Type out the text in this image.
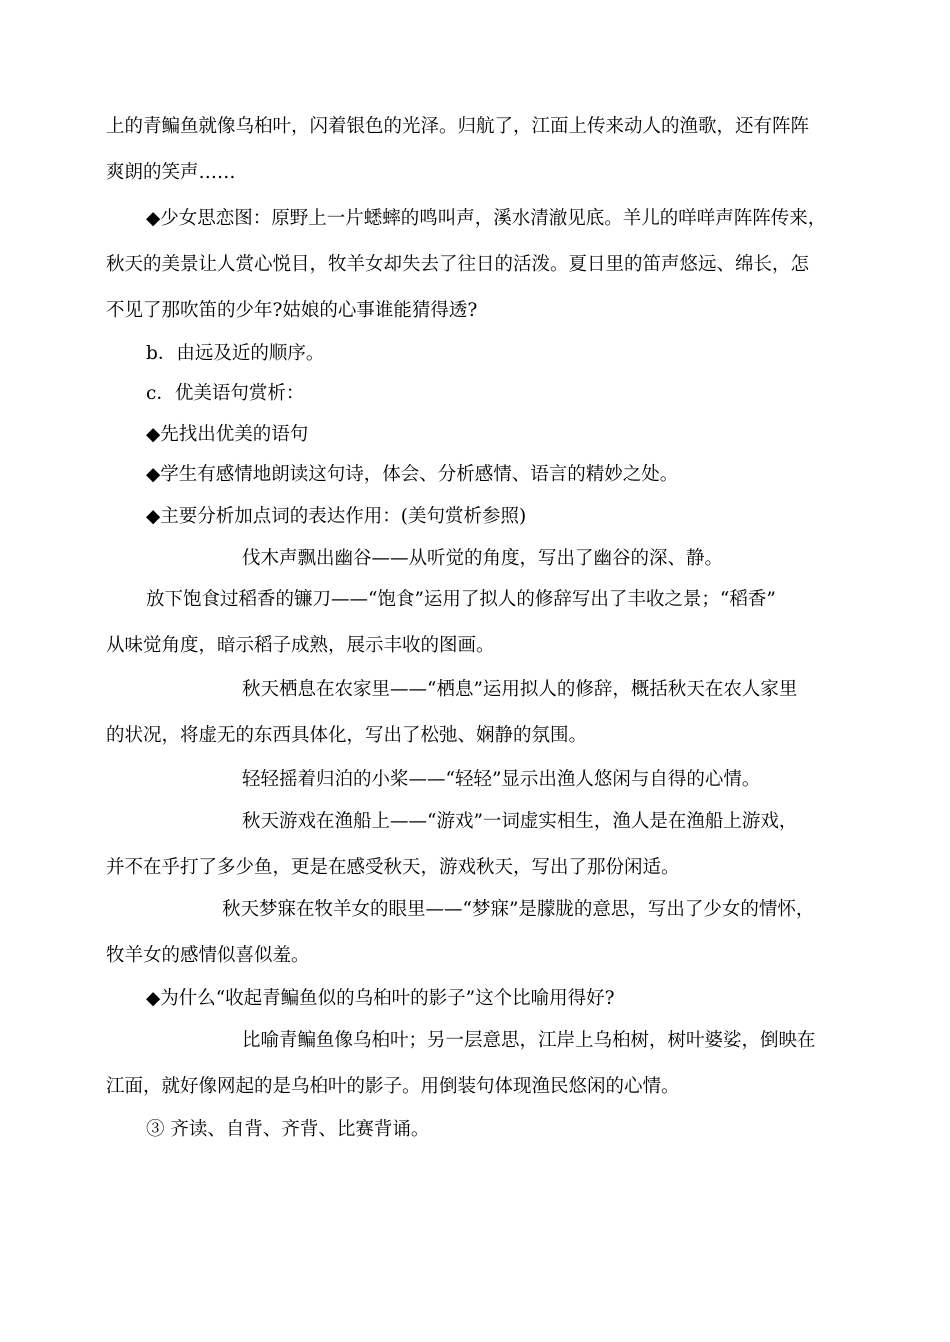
上的青鳊鱼就像乌桕叶，闪着银色的光泽。归航了，江面上传来动人的渔歌，还有阵阵
爽朗的笑声……
◆少女思恋图：原野上一片蟋蟀的鸣叫声，溪水清澈见底。羊儿的咩咩声阵阵传来，
秋天的美景让人赏心悦目，牧羊女却失去了往日的活泼。夏日里的笛声悠远、绵长，怎
不见了那吹笛的少年?姑娘的心事谁能猜得透?
b．由远及近的顺序。
c．优美语句赏析：
◆先找出优美的语句
◆学生有感情地朗读这句诗，体会、分析感情、语言的精妙之处。
◆主要分析加点词的表达作用：(美句赏析参照)
伐木声飘出幽谷——从听觉的角度，写出了幽谷的深、静。
放下饱食过稻香的镰刀——“饱食”运用了拟人的修辞写出了丰收之景；“稻香”
从味觉角度，暗示稻子成熟，展示丰收的图画。
秋天栖息在农家里——“栖息”运用拟人的修辞，概括秋天在农人家里
的状况，将虚无的东西具体化，写出了松弛、娴静的氛围。
轻轻摇着归泊的小桨——“轻轻”显示出渔人悠闲与自得的心情。
秋天游戏在渔船上——“游戏”一词虚实相生，渔人是在渔船上游戏，
并不在乎打了多少鱼，更是在感受秋天，游戏秋天，写出了那份闲适。
秋天梦寐在牧羊女的眼里——“梦寐”是朦胧的意思，写出了少女的情怀，
牧羊女的感情似喜似羞。
◆为什么“收起青鳊鱼似的乌桕叶的影子”这个比喻用得好?
比喻青鳊鱼像乌桕叶；另一层意思，江岸上乌桕树，树叶婆娑，倒映在
江面，就好像网起的是乌桕叶的影子。用倒装句体现渔民悠闲的心情。
③ 齐读、自背、齐背、比赛背诵。
